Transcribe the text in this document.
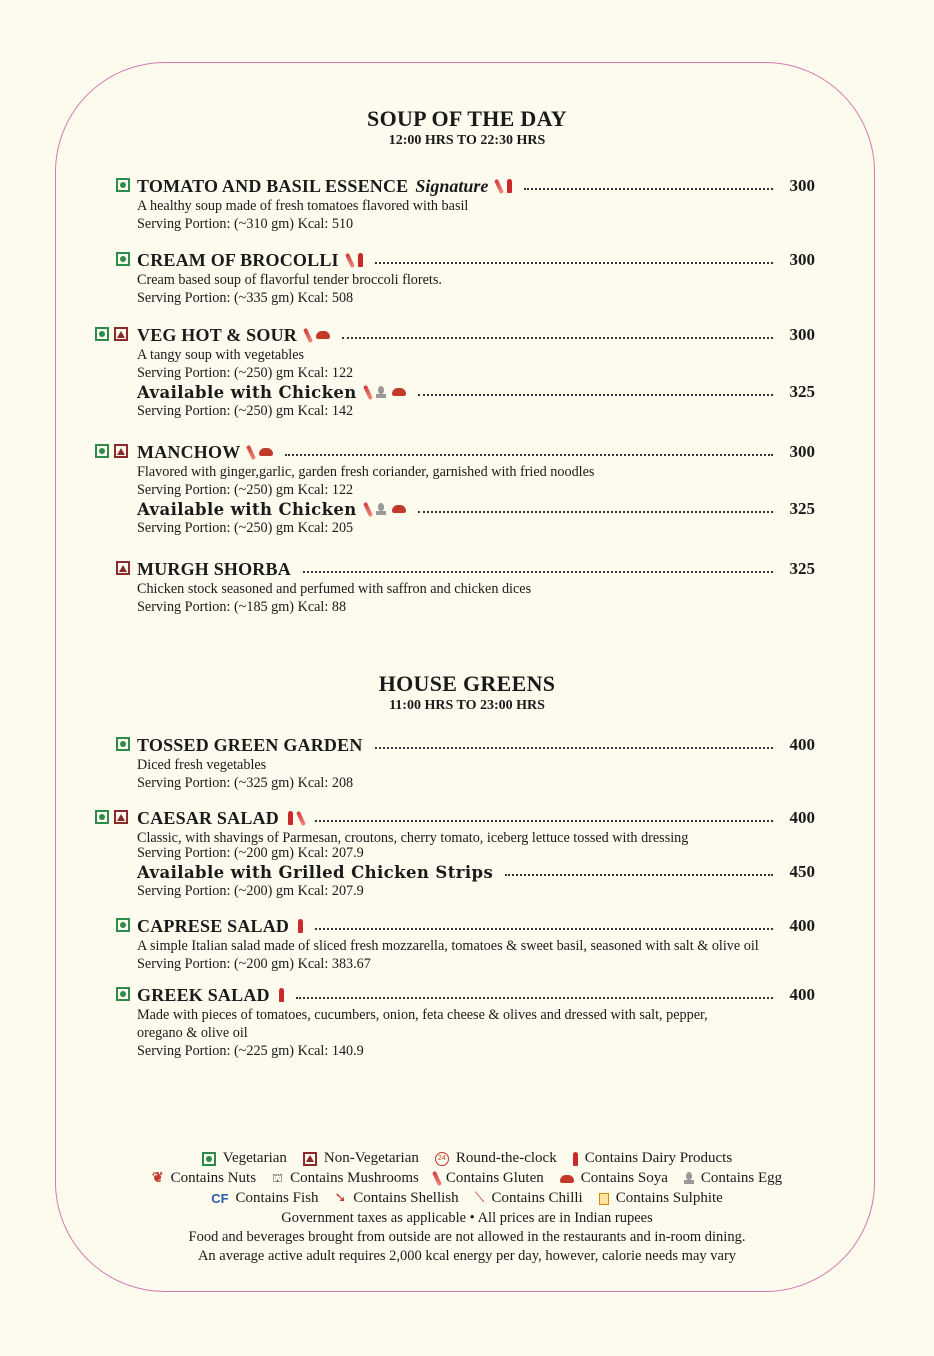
SOUP OF THE DAY
12:00 HRS TO 22:30 HRS
TOMATO AND BASIL ESSENCE Signature	300
A healthy soup made of fresh tomatoes flavored with basil
Serving Portion: (~310 gm) Kcal: 510
CREAM OF BROCOLLI	300
Cream based soup of flavorful tender broccoli florets.
Serving Portion: (~335 gm) Kcal: 508
VEG HOT & SOUR	300
A tangy soup with vegetables
Serving Portion: (~250) gm Kcal: 122
Available with Chicken	325
Serving Portion: (~250) gm Kcal: 142
MANCHOW	300
Flavored with ginger,garlic, garden fresh coriander, garnished with fried noodles
Serving Portion: (~250) gm Kcal: 122
Available with Chicken	325
Serving Portion: (~250) gm Kcal: 205
MURGH SHORBA	325
Chicken stock seasoned and perfumed with saffron and chicken dices
Serving Portion: (~185 gm) Kcal: 88
HOUSE GREENS
11:00 HRS TO 23:00 HRS
TOSSED GREEN GARDEN	400
Diced fresh vegetables
Serving Portion: (~325 gm) Kcal: 208
CAESAR SALAD	400
Classic, with shavings of Parmesan, croutons, cherry tomato, iceberg lettuce tossed with dressing
Serving Portion: (~200 gm) Kcal: 207.9
Available with Grilled Chicken Strips	450
Serving Portion: (~200) gm Kcal: 207.9
CAPRESE SALAD	400
A simple Italian salad made of sliced fresh mozzarella, tomatoes & sweet basil, seasoned with salt & olive oil
Serving Portion: (~200 gm) Kcal: 383.67
GREEK SALAD	400
Made with pieces of tomatoes, cucumbers, onion, feta cheese & olives and dressed with salt, pepper,
oregano & olive oil
Serving Portion: (~225 gm) Kcal: 140.9
Vegetarian Non-Vegetarian	24 Round-the-clock Contains Dairy Products
❦ Contains Nuts ⛫ Contains Mushrooms Contains Gluten Contains Soya Contains Egg
CF Contains Fish ➘ Contains Shellish ⟍ Contains Chilli Contains Sulphite
Government taxes as applicable • All prices are in Indian rupees
Food and beverages brought from outside are not allowed in the restaurants and in-room dining.
An average active adult requires 2,000 kcal energy per day, however, calorie needs may vary
